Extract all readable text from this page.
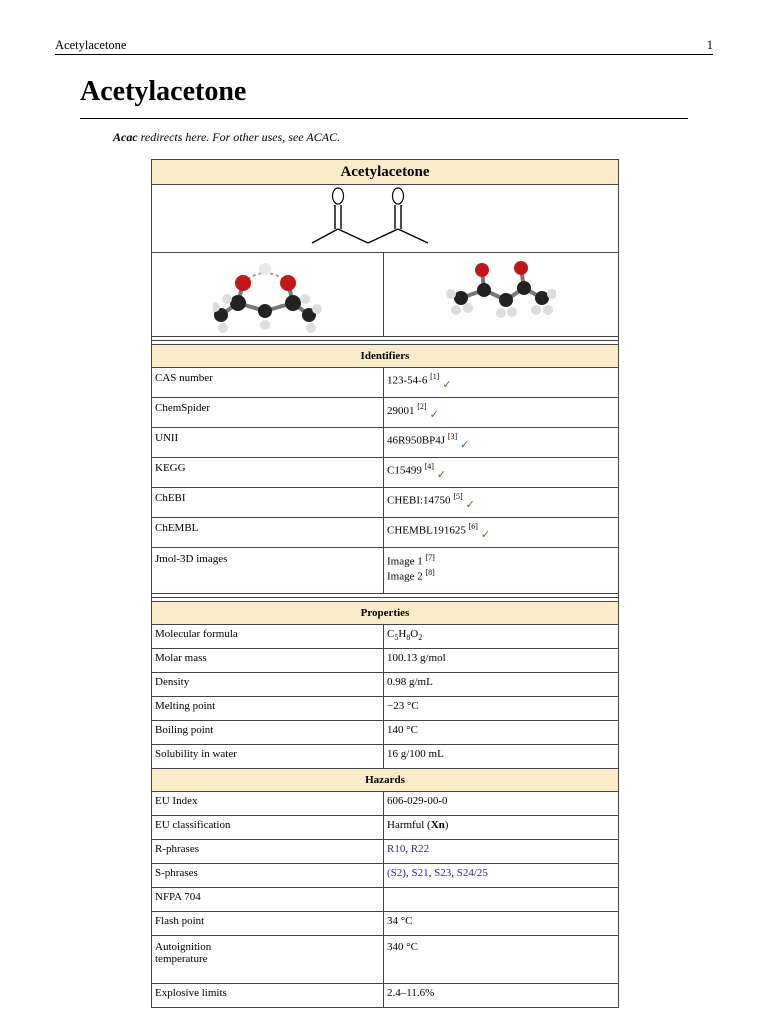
Acetylacetone	1
Acetylacetone
Acac redirects here. For other uses, see ACAC.
Acetylacetone	

Identifiers	
CAS number	123-54-6 [1]✓
ChemSpider	29001 [2]✓
UNII	46R950BP4J [3]✓
KEGG	C15499 [4]✓
ChEBI	CHEBI:14750 [5]✓
ChEMBL	CHEMBL191625 [6]✓
Jmol-3D images	Image 1 [7]
Image 2 [8]

Properties	
Molecular formula	$C_5H_8O_2$
Molar mass	100.13 g/mol
Density	0.98 g/mL
Melting point	−23 °C
Boiling point	140 °C
Solubility in water	16 g/100 mL
Hazards	
EU Index	606-029-00-0
EU classification	Harmful (Xn)
R-phrases	R10, R22
S-phrases	(S2), S21, S23, S24/25
NFPA 704	
Flash point	34 °C

Autoignition
temperature	340 °C
Explosive limits	2.4–11.6%
